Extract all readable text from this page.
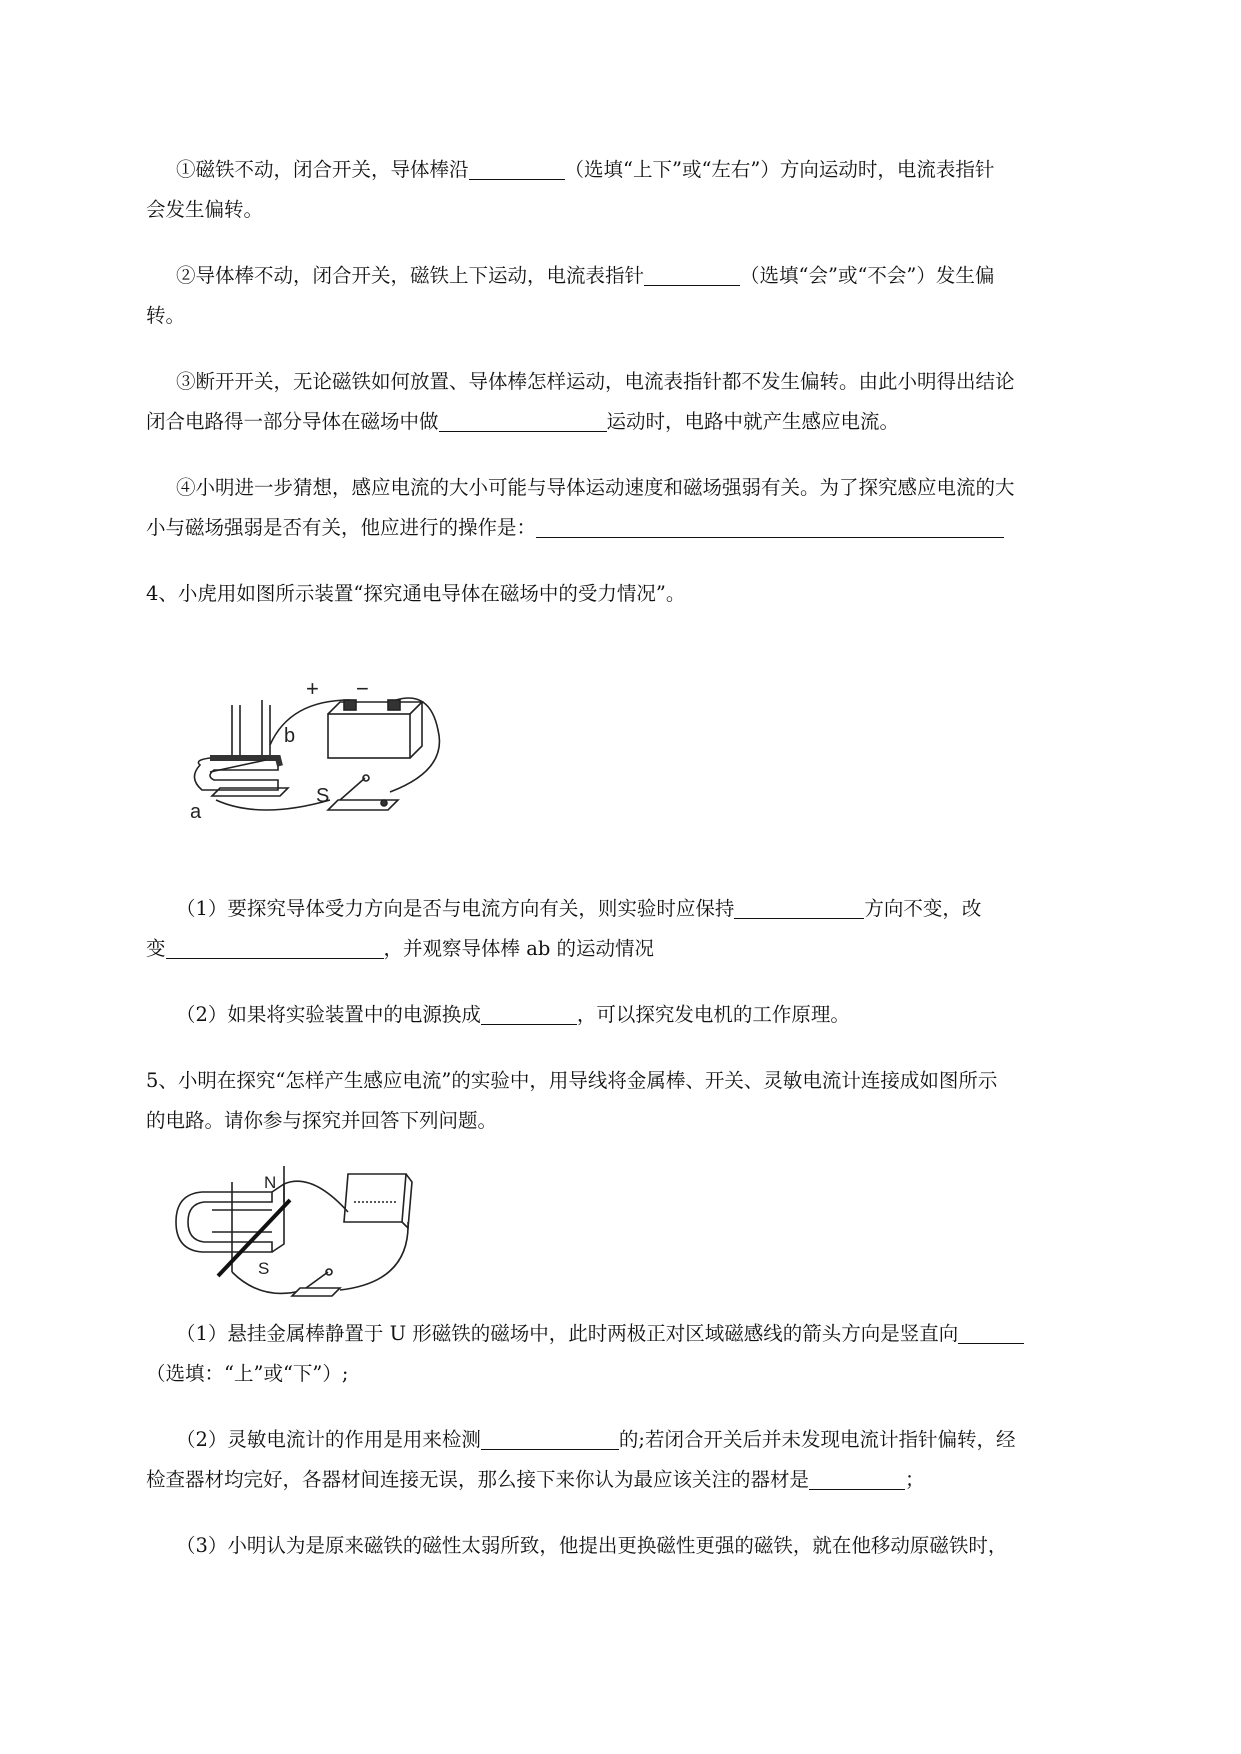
①磁铁不动，闭合开关，导体棒沿	（选填“上下”或“左右”）方向运动时，电流表指针
会发生偏转。
②导体棒不动，闭合开关，磁铁上下运动，电流表指针	（选填“会”或“不会”）发生偏
转。
③断开开关，无论磁铁如何放置、导体棒怎样运动，电流表指针都不发生偏转。由此小明得出结论
闭合电路得一部分导体在磁场中做	运动时，电路中就产生感应电流。
④小明进一步猜想，感应电流的大小可能与导体运动速度和磁场强弱有关。为了探究感应电流的大
小与磁场强弱是否有关，他应进行的操作是：
4、小虎用如图所示装置“探究通电导体在磁场中的受力情况”。
+ −
b
a
S
（1）要探究导体受力方向是否与电流方向有关，则实验时应保持	方向不变，改
变	，并观察导体棒 ab 的运动情况
（2）如果将实验装置中的电源换成	，可以探究发电机的工作原理。
5、小明在探究“怎样产生感应电流”的实验中，用导线将金属棒、开关、灵敏电流计连接成如图所示
的电路。请你参与探究并回答下列问题。
N
S
（1）悬挂金属棒静置于 U 形磁铁的磁场中，此时两极正对区域磁感线的箭头方向是竖直向
（选填：“上”或“下”）;
（2）灵敏电流计的作用是用来检测	的;若闭合开关后并未发现电流计指针偏转，经
检查器材均完好，各器材间连接无误，那么接下来你认为最应该关注的器材是	；
（3）小明认为是原来磁铁的磁性太弱所致，他提出更换磁性更强的磁铁，就在他移动原磁铁时，
